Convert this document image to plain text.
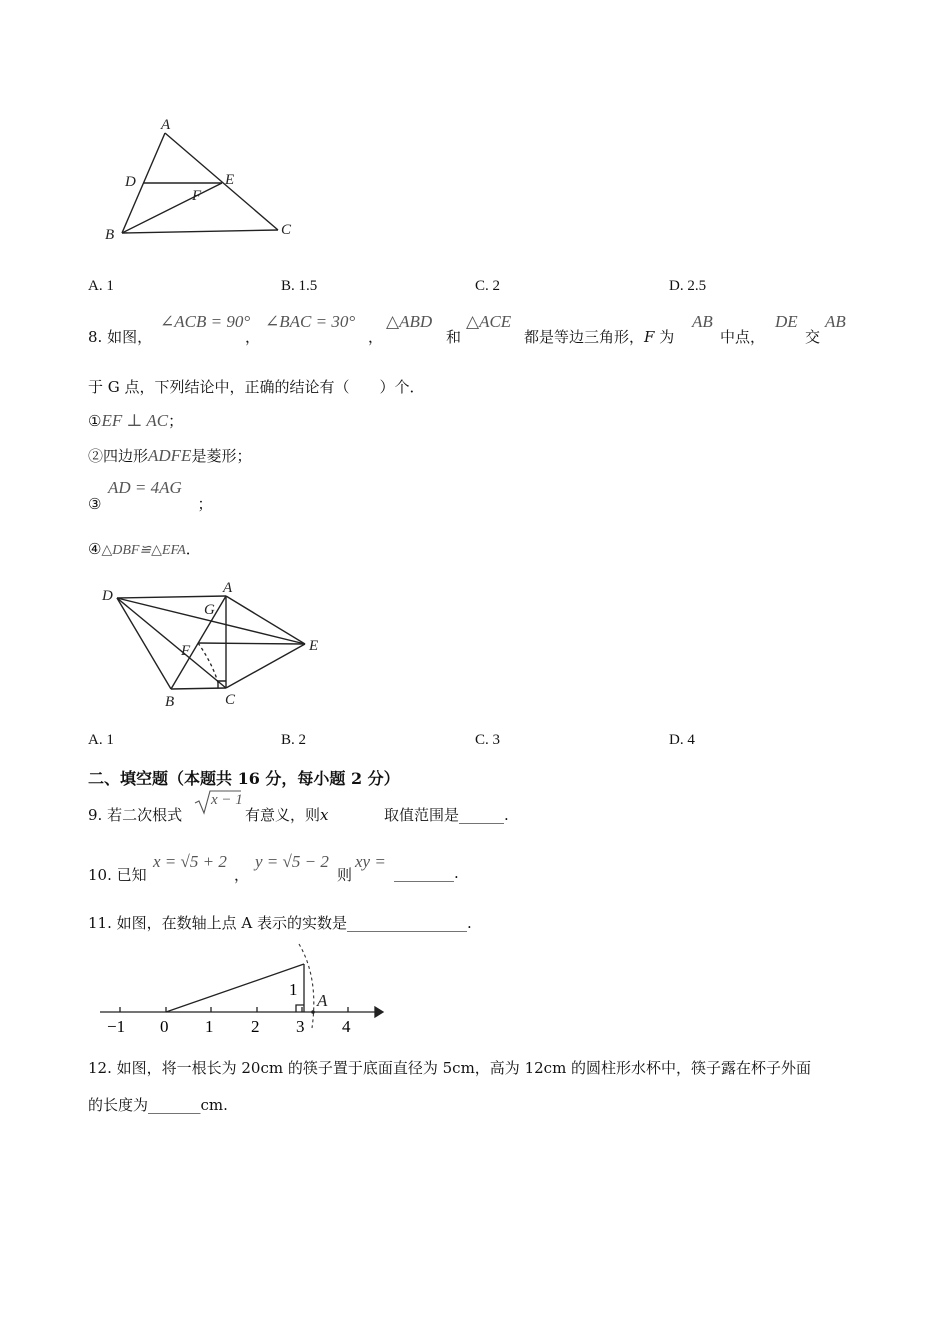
A
D	E
F
B	C
A. 1	B. 1.5	C. 2	D. 2.5
8. 如图，
∠ACB = 90°
，
∠BAC = 30°
，
△ABD
和
△ACE
都是等边三角形，F 为
AB
中点，
DE
交
AB
于 G 点，下列结论中，正确的结论有（　　）个．
①EF ⊥ AC；
②四边形ADFE是菱形；
AD = 4AG
③	；
④△DBF≌△EFA．
D	A
G
E
F
B	C
A. 1	B. 2	C. 3	D. 4
二、填空题（本题共 16 分，每小题 2 分）
9. 若二次根式
x − 1
有意义，则x	取值范围是______.
10. 已知
x = √5 + 2
，
y = √5 − 2
则
xy =
________.
11. 如图，在数轴上点 A 表示的实数是________________.
−1 0 1 2 3 4
1
A
12. 如图，将一根长为 20cm 的筷子置于底面直径为 5cm，高为 12cm 的圆柱形水杯中，筷子露在杯子外面
的长度为_______cm.
